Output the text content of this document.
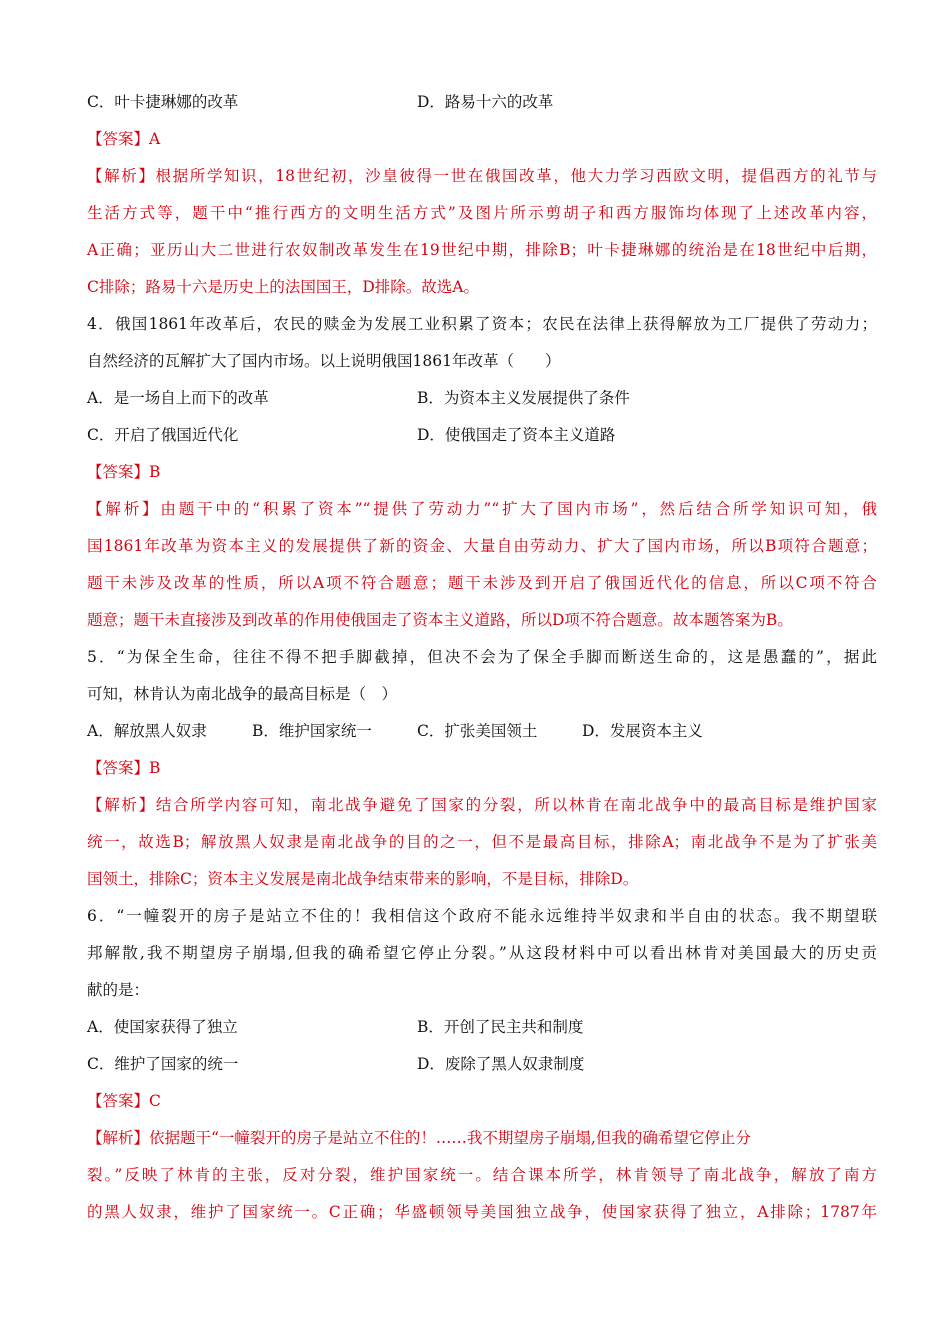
C．叶卡捷琳娜的改革	D．路易十六的改革
【答案】A
【解析】根据所学知识，18世纪初，沙皇彼得一世在俄国改革，他大力学习西欧文明，提倡西方的礼节与
生活方式等，题干中“推行西方的文明生活方式”及图片所示剪胡子和西方服饰均体现了上述改革内容，
A正确；亚历山大二世进行农奴制改革发生在19世纪中期，排除B；叶卡捷琳娜的统治是在18世纪中后期，
C排除；路易十六是历史上的法国国王，D排除。故选A。
4．俄国1861年改革后，农民的赎金为发展工业积累了资本；农民在法律上获得解放为工厂提供了劳动力；
自然经济的瓦解扩大了国内市场。以上说明俄国1861年改革（　　）
A．是一场自上而下的改革	B．为资本主义发展提供了条件
C．开启了俄国近代化	D．使俄国走了资本主义道路
【答案】B
【解析】由题干中的“积累了资本”“提供了劳动力”“扩大了国内市场”，然后结合所学知识可知，俄
国1861年改革为资本主义的发展提供了新的资金、大量自由劳动力、扩大了国内市场，所以B项符合题意；
题干未涉及改革的性质，所以A项不符合题意；题干未涉及到开启了俄国近代化的信息，所以C项不符合
题意；题干未直接涉及到改革的作用使俄国走了资本主义道路，所以D项不符合题意。故本题答案为B。
5．“为保全生命，往往不得不把手脚截掉，但决不会为了保全手脚而断送生命的，这是愚蠢的”，据此
可知，林肯认为南北战争的最高目标是（　）
A．解放黑人奴隶	B．维护国家统一	C．扩张美国领土	D．发展资本主义
【答案】B
【解析】结合所学内容可知，南北战争避免了国家的分裂，所以林肯在南北战争中的最高目标是维护国家
统一，故选B；解放黑人奴隶是南北战争的目的之一，但不是最高目标，排除A；南北战争不是为了扩张美
国领土，排除C；资本主义发展是南北战争结束带来的影响，不是目标，排除D。
6．“一幢裂开的房子是站立不住的！我相信这个政府不能永远维持半奴隶和半自由的状态。我不期望联
邦解散,我不期望房子崩塌,但我的确希望它停止分裂。”从这段材料中可以看出林肯对美国最大的历史贡
献的是：
A．使国家获得了独立	B．开创了民主共和制度
C．维护了国家的统一	D．废除了黑人奴隶制度
【答案】C
【解析】依据题干“一幢裂开的房子是站立不住的！……我不期望房子崩塌,但我的确希望它停止分
裂。”反映了林肯的主张，反对分裂，维护国家统一。结合课本所学，林肯领导了南北战争，解放了南方
的黑人奴隶，维护了国家统一。C正确；华盛顿领导美国独立战争，使国家获得了独立，A排除；1787年
